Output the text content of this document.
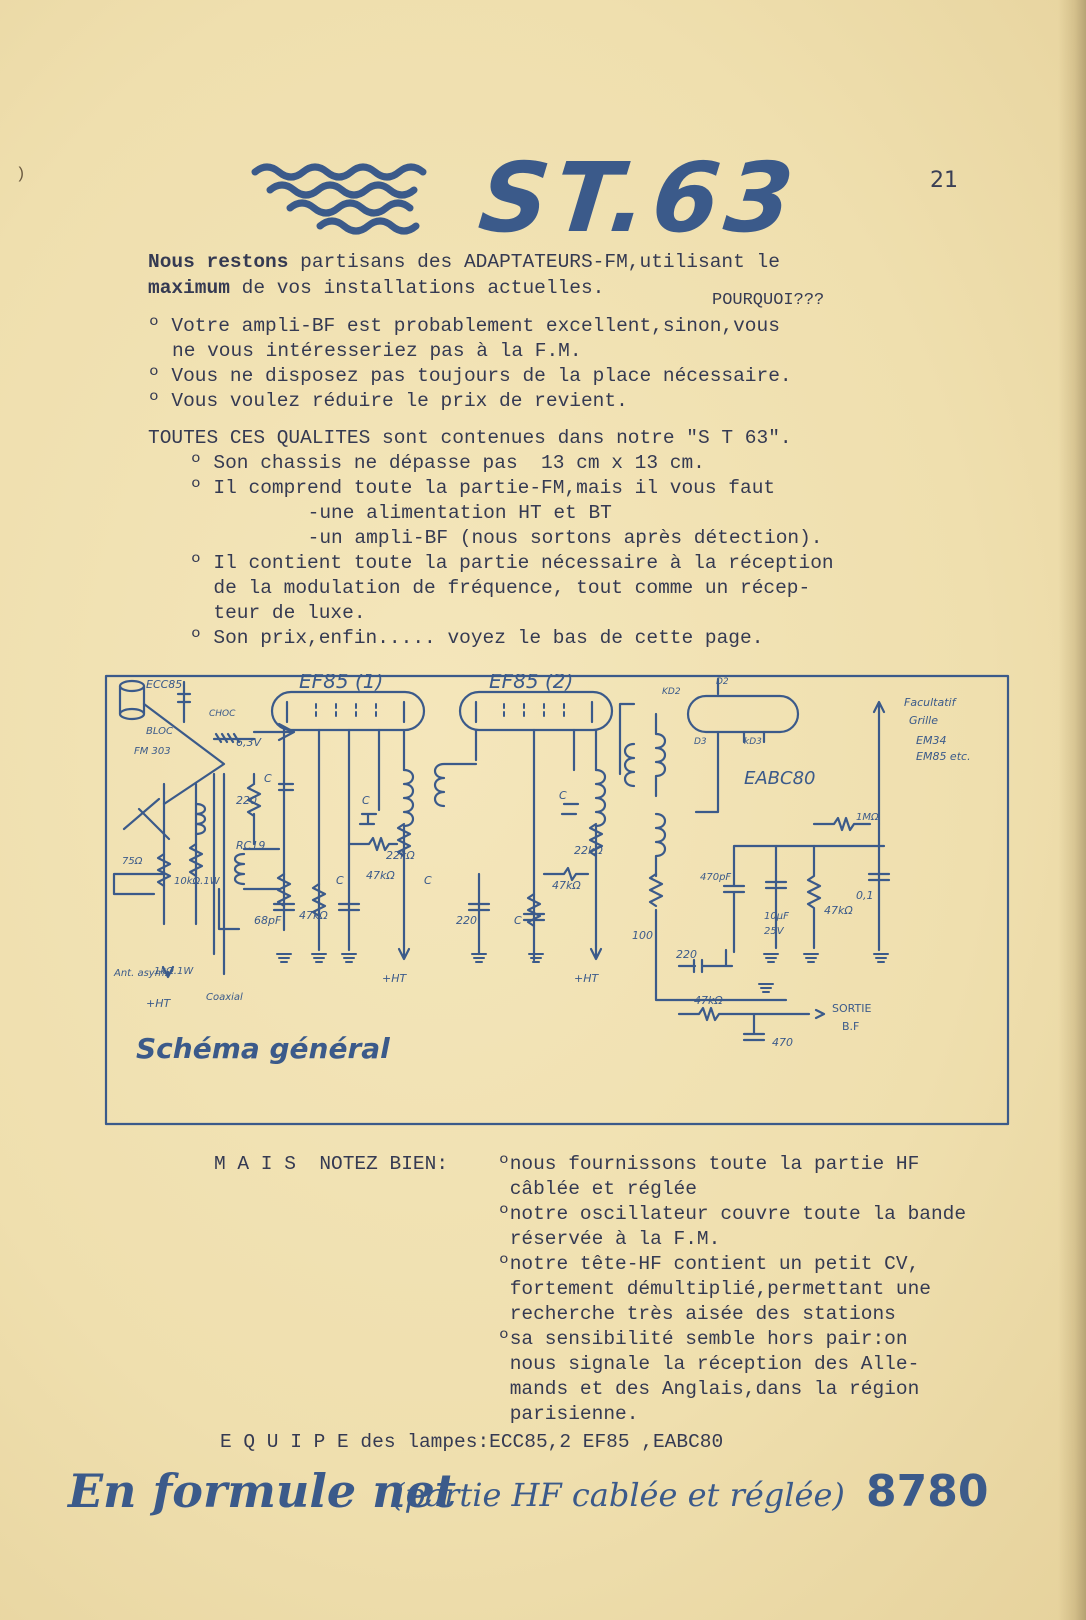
)	ST.63	21
Nous restons partisans des ADAPTATEURS-FM,utilisant le
maximum de vos installations actuelles.
POURQUOI???
º Votre ampli-BF est probablement excellent,sinon,vous
ne vous intéresseriez pas à la F.M.
º Vous ne disposez pas toujours de la place nécessaire.
º Vous voulez réduire le prix de revient.
TOUTES CES QUALITES sont contenues dans notre "S T 63".
º Son chassis ne dépasse pas  13 cm x 13 cm.
º Il comprend toute la partie-FM,mais il vous faut
-une alimentation HT et BT
-un ampli-BF (nous sortons après détection).
º Il contient toute la partie nécessaire à la réception
de la modulation de fréquence, tout comme un récep-
teur de luxe.
º Son prix,enfin..... voyez le bas de cette page.
ECC85	EF85 (1)	EF85 (2)
EABC80
CHOC
BLOC
FM 303
6,3V
220
C
RC19
68pF 47kΩ
C
C
22kΩ
47kΩ
+HT
C
220	C
C
22kΩ
47kΩ
+HT
KD2
D2
D3	kD3
Facultatif
Grille
EM34
EM85 etc.
1MΩ
470pF
10μF
25V
47kΩ
0,1
100
220
47kΩ
SORTIE
B.F
470
75Ω
10kΩ.1W
1kΩ.1W
Ant. asym.
+HT	Coaxial
Schéma général
M A I S  NOTEZ BIEN:	ºnous fournissons toute la partie HF
câblée et réglée
ºnotre oscillateur couvre toute la bande
réservée à la F.M.
ºnotre tête-HF contient un petit CV,
fortement démultiplié,permettant une
recherche très aisée des stations
ºsa sensibilité semble hors pair:on
nous signale la réception des Alle-
mands et des Anglais,dans la région
parisienne.
E Q U I P E des lampes:ECC85,2 EF85 ,EABC80
En formule net
(partie HF cablée et réglée) 8780
